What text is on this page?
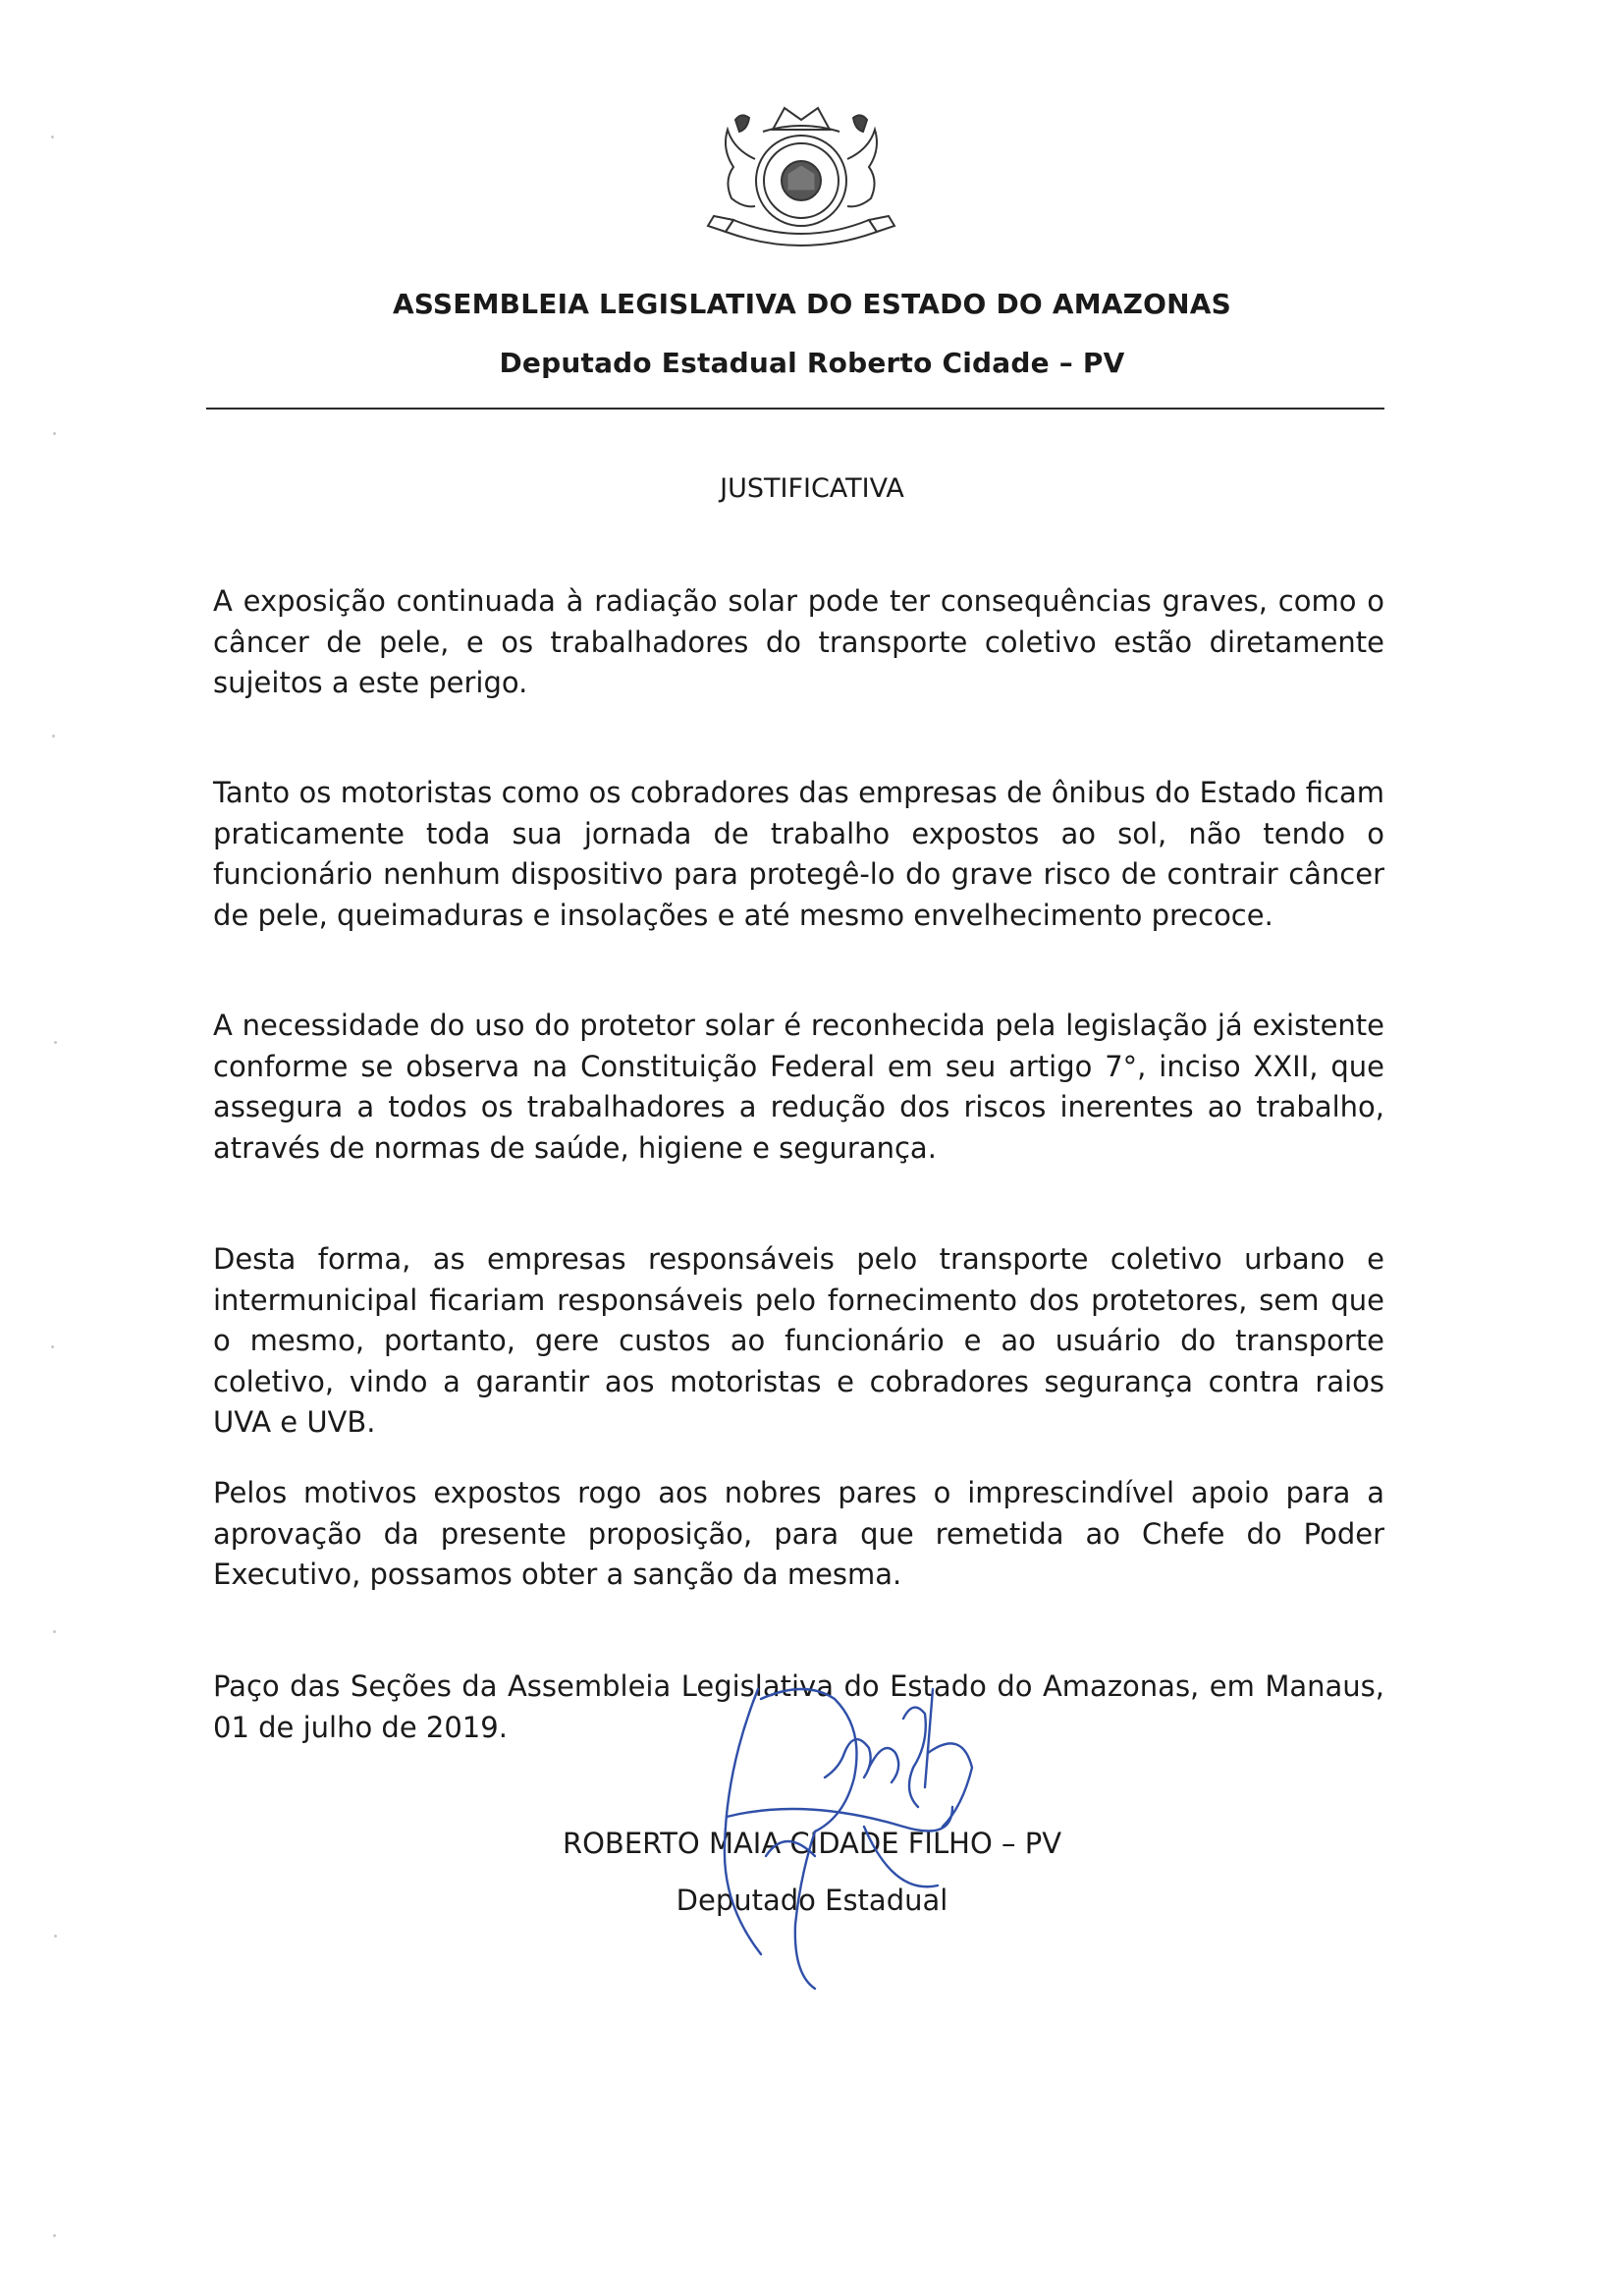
ASSEMBLEIA LEGISLATIVA DO ESTADO DO AMAZONAS
Deputado Estadual Roberto Cidade – PV
JUSTIFICATIVA

A exposição continuada à radiação solar pode ter consequências graves, como o câncer de pele, e os trabalhadores do transporte coletivo estão diretamente sujeitos a este perigo.

Tanto os motoristas como os cobradores das empresas de ônibus do Estado ficam praticamente toda sua jornada de trabalho expostos ao sol, não tendo o funcionário nenhum dispositivo para protegê-lo do grave risco de contrair câncer de pele, queimaduras e insolações e até mesmo envelhecimento precoce.

A necessidade do uso do protetor solar é reconhecida pela legislação já existente conforme se observa na Constituição Federal em seu artigo 7°, inciso XXII, que assegura a todos os trabalhadores a redução dos riscos inerentes ao trabalho, através de normas de saúde, higiene e segurança.

Desta forma, as empresas responsáveis pelo transporte coletivo urbano e intermunicipal ficariam responsáveis pelo fornecimento dos protetores, sem que o mesmo, portanto, gere custos ao funcionário e ao usuário do transporte coletivo, vindo a garantir aos motoristas e cobradores segurança contra raios UVA e UVB.

Pelos motivos expostos rogo aos nobres pares o imprescindível apoio para a aprovação da presente proposição, para que remetida ao Chefe do Poder Executivo, possamos obter a sanção da mesma.

Paço das Seções da Assembleia Legislativa do Estado do Amazonas, em Manaus, 01 de julho de 2019.

ROBERTO MAIA CIDADE FILHO – PV
Deputado Estadual
